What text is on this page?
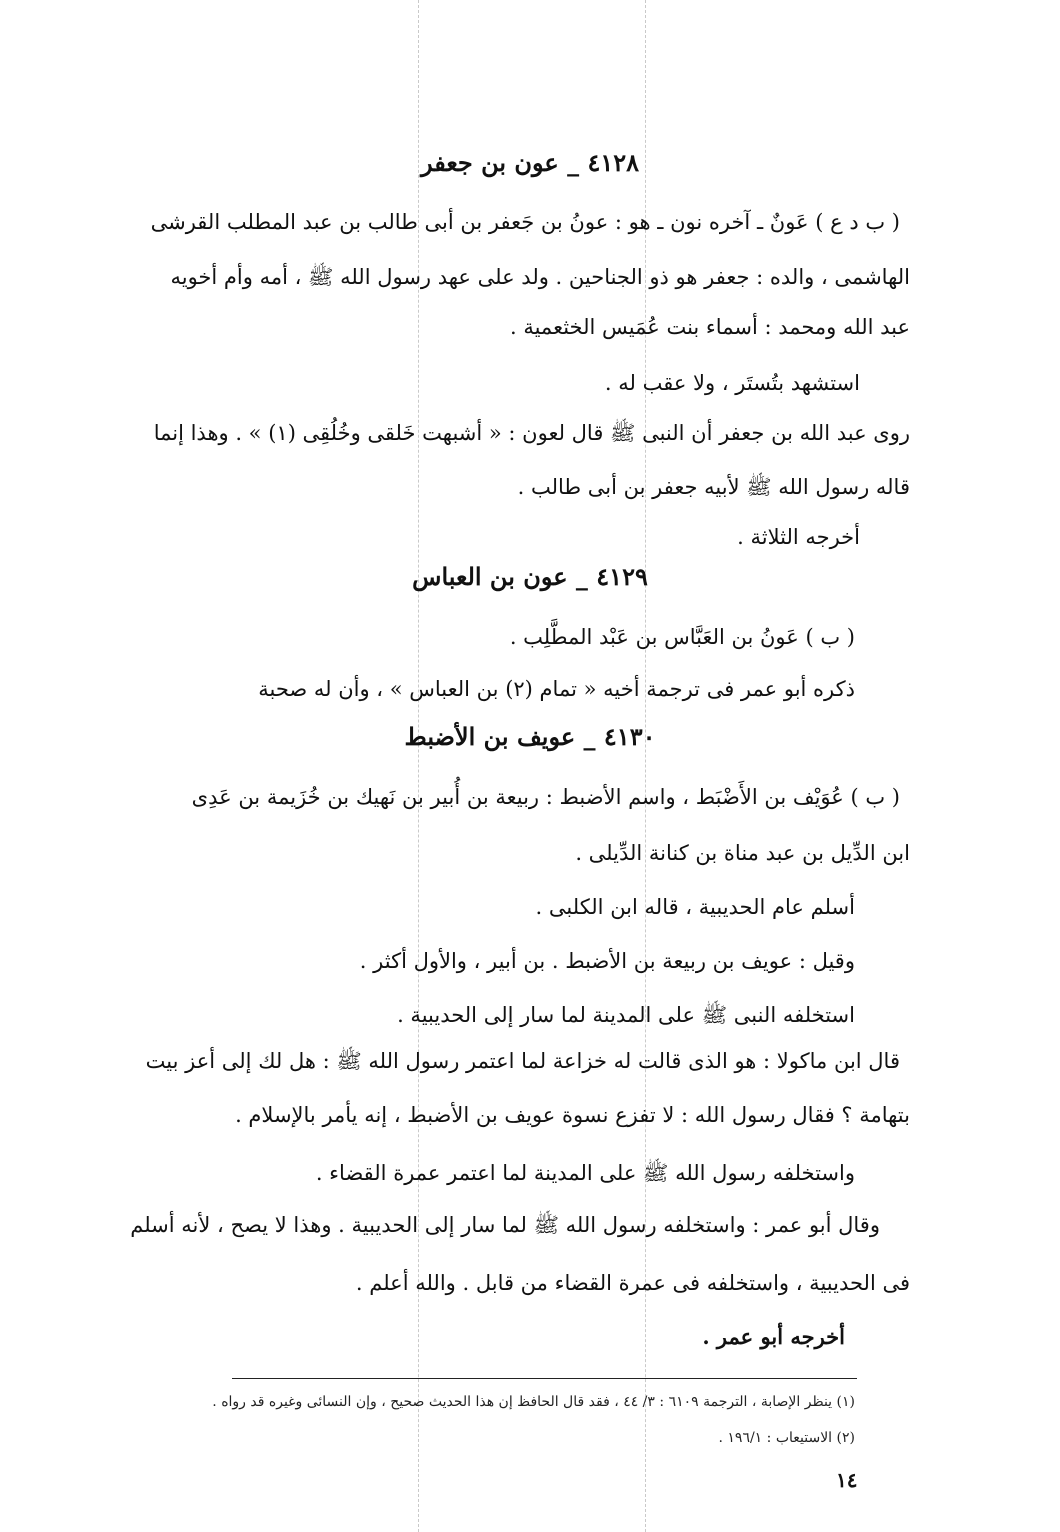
٤١٢٨ _ عون بن جعفر
( ب د ع ) عَونٌ ـ آخره نون ـ هو : عونُ بن جَعفر بن أبى طالب بن عبد المطلب القرشى
الهاشمى ، والده : جعفر هو ذو الجناحين . ولد على عهد رسول الله ﷺ ، أمه وأم أخويه
عبد الله ومحمد : أسماء بنت عُمَيس الخثعمية .
استشهد بتُستَر ، ولا عقب له .
روى عبد الله بن جعفر أن النبى ﷺ قال لعون : « أشبهت خَلقى وخُلُقِى (١) » . وهذا إنما
قاله رسول الله ﷺ لأبيه جعفر بن أبى طالب .
أخرجه الثلاثة .
٤١٢٩ _ عون بن العباس
( ب ) عَونُ بن العَبَّاس بن عَبْد المطَّلِب .
ذكره أبو عمر فى ترجمة أخيه « تمام (٢) بن العباس » ، وأن له صحبة
٤١٣٠ _ عويف بن الأضبط
( ب ) عُوَيْف بن الأَضْبَط ، واسم الأضبط : ربيعة بن أُبير بن نَهيك بن خُزَيمة بن عَدِى
ابن الدِّيل بن عبد مناة بن كنانة الدِّيلى .
أسلم عام الحديبية ، قاله ابن الكلبى .
وقيل : عويف بن ربيعة بن الأضبط . بن أبير ، والأول أكثر .
استخلفه النبى ﷺ على المدينة لما سار إلى الحديبية .
قال ابن ماكولا : هو الذى قالت له خزاعة لما اعتمر رسول الله ﷺ : هل لك إلى أعز بيت
بتهامة ؟ فقال رسول الله : لا تفزع نسوة عويف بن الأضبط ، إنه يأمر بالإسلام .
واستخلفه رسول الله ﷺ على المدينة لما اعتمر عمرة القضاء .
وقال أبو عمر : واستخلفه رسول الله ﷺ لما سار إلى الحديبية . وهذا لا يصح ، لأنه أسلم
فى الحديبية ، واستخلفه فى عمرة القضاء من قابل . والله أعلم .
أخرجه أبو عمر .
(١) ينظر الإصابة ، الترجمة ٦١٠٩ : ٣/ ٤٤ ، فقد قال الحافظ إن هذا الحديث صحيح ، وإن النسائى وغيره قد رواه .
(٢) الاستيعاب : ١٩٦/١ .
١٤
